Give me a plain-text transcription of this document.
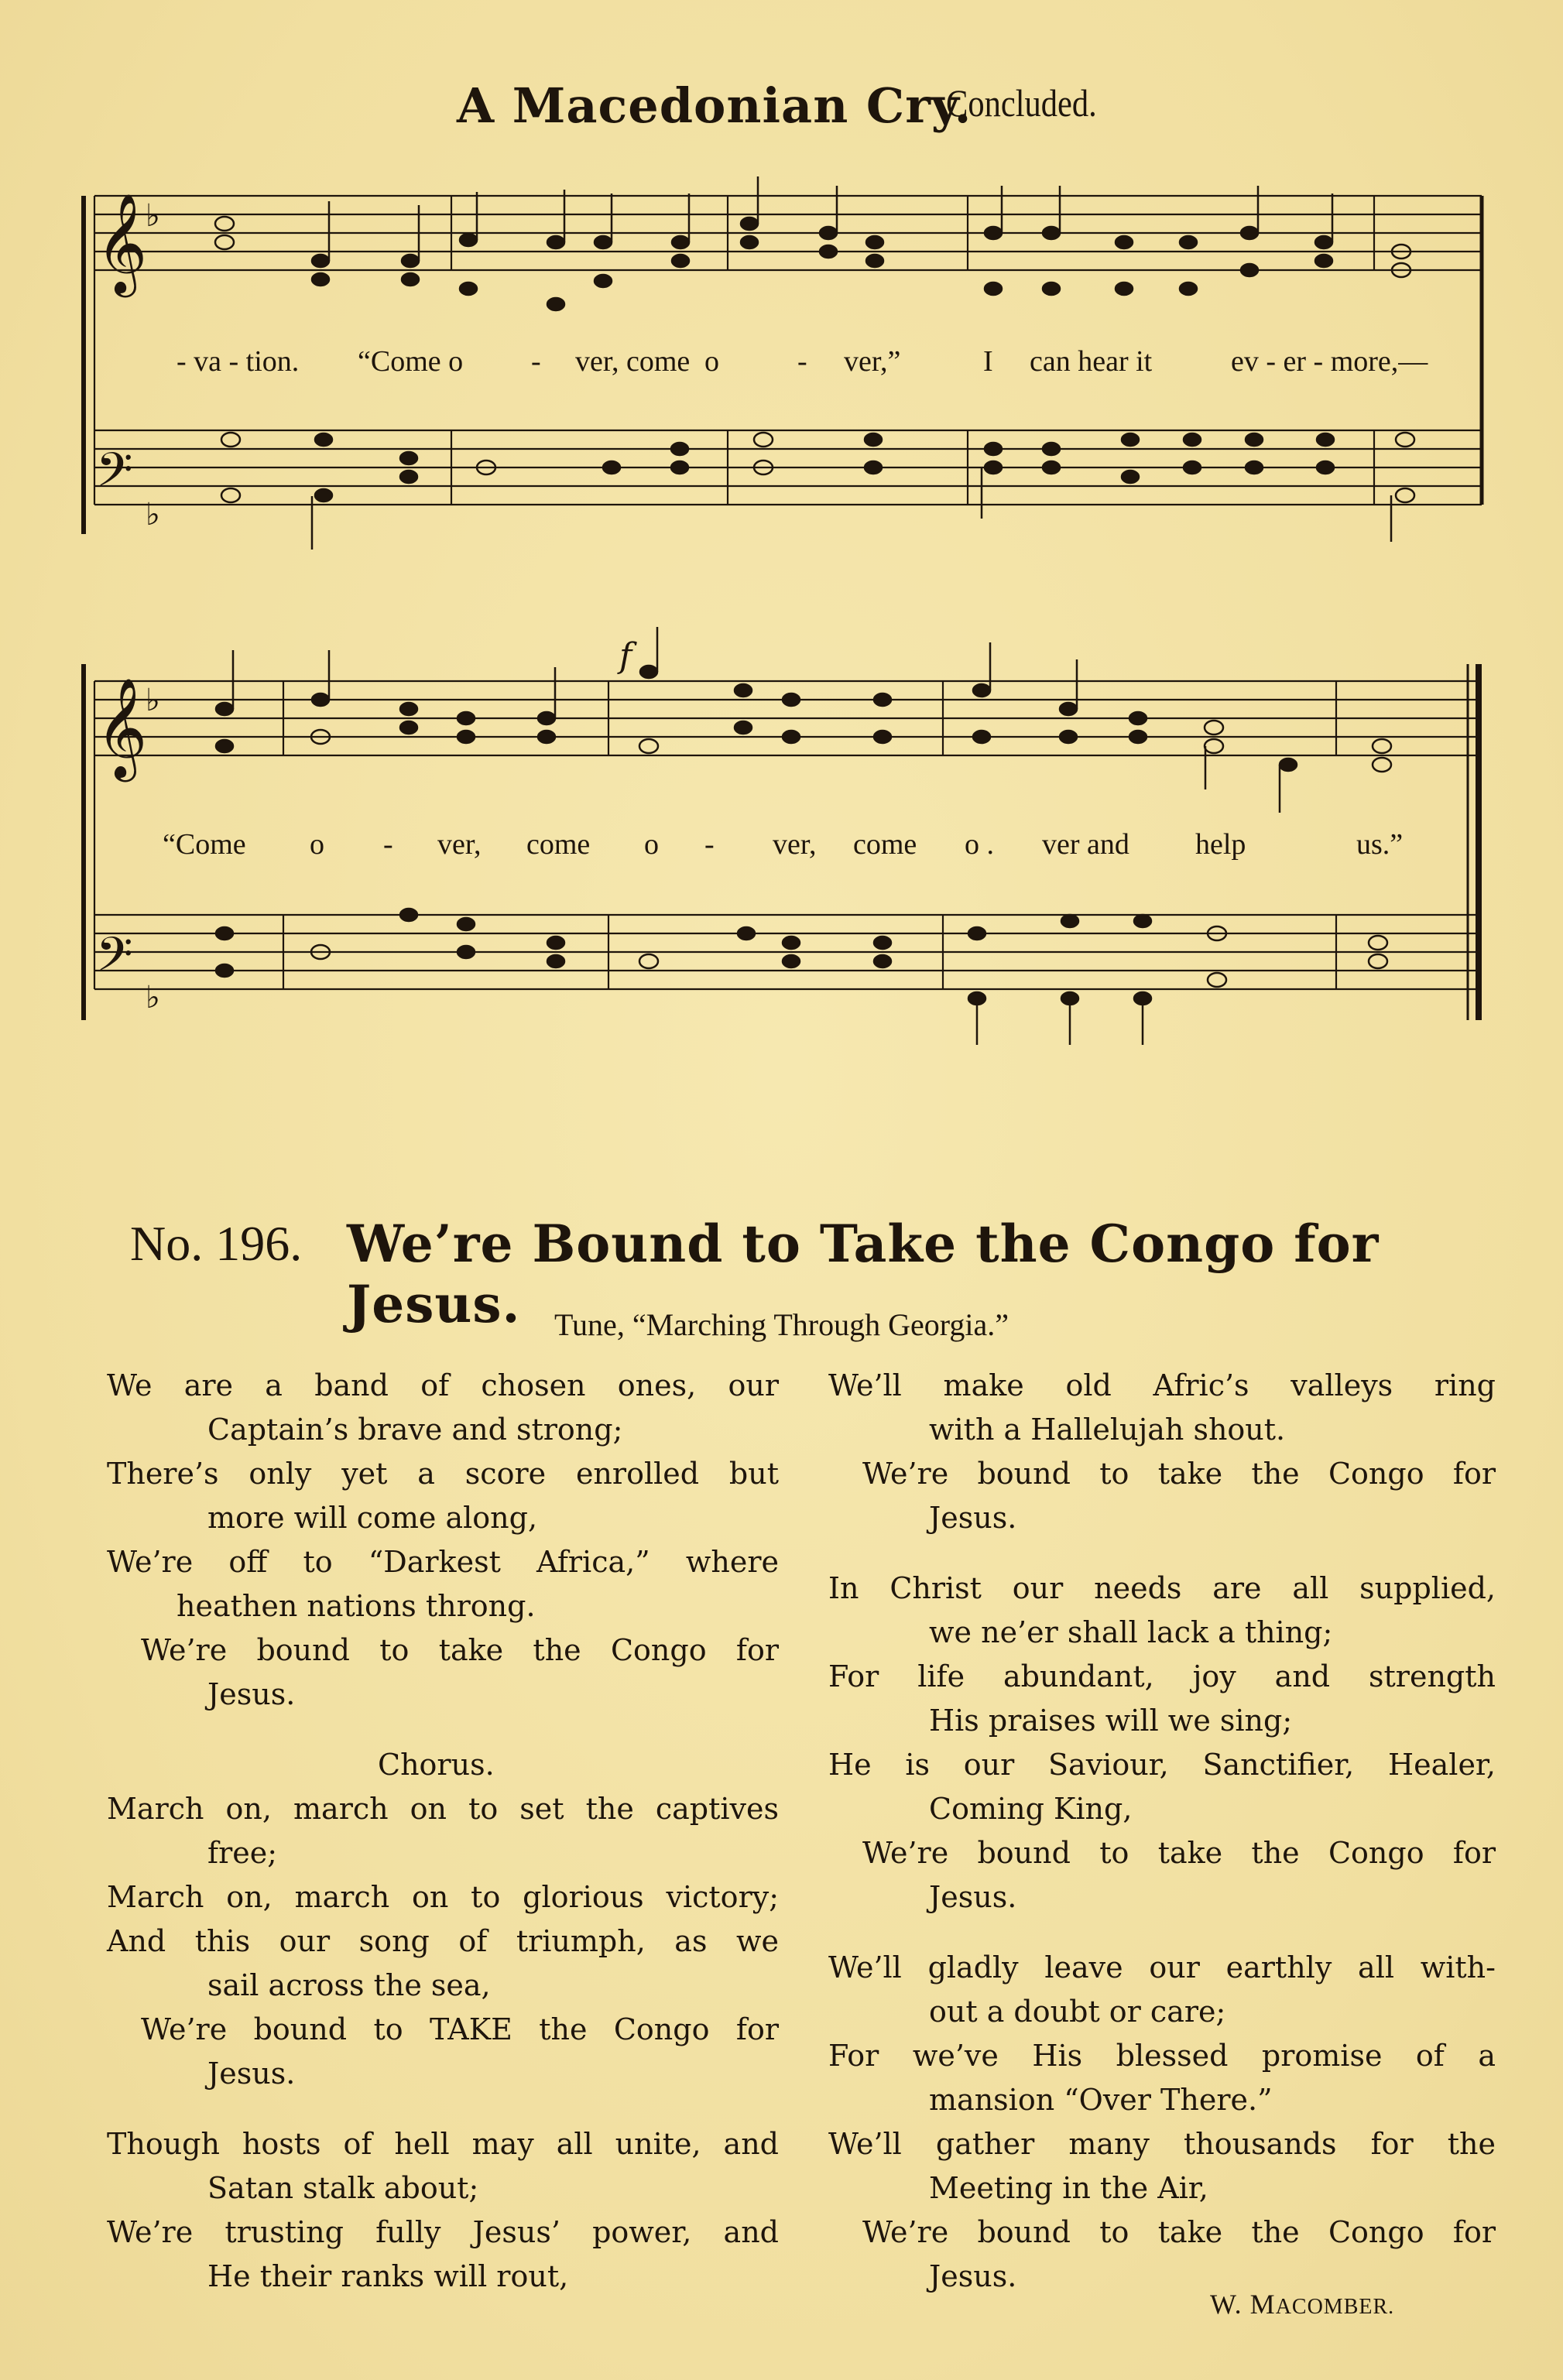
A Macedonian Cry.
Concluded.
𝄞
𝄢
𝄞
𝄢
♭
♭
♭
♭
f
- va - tion. “Come o - ver, come o	- ver,”	I can hear it	ev - er - more,—
“Come o - ver, come o - ver, come o . ver and help	us.”
No. 196. We’re Bound to Take the Congo for Jesus.	Tune, “Marching Through Georgia.”
We are a band of chosen ones, our
Captain’s brave and strong;
There’s only yet a score enrolled but
more will come along,
We’re off to “Darkest Africa,” where
heathen nations throng.
We’re bound to take the Congo for
Jesus.
Chorus.
March on, march on to set the captives
free;
March on, march on to glorious victory;
And this our song of triumph, as we
sail across the sea,
We’re bound to TAKE the Congo for
Jesus.
Though hosts of hell may all unite, and
Satan stalk about;
We’re trusting fully Jesus’ power, and
He their ranks will rout,
We’ll make old Afric’s valleys ring
with a Hallelujah shout.
We’re bound to take the Congo for
Jesus.
In Christ our needs are all supplied,
we ne’er shall lack a thing;
For life abundant, joy and strength
His praises will we sing;
He is our Saviour, Sanctifier, Healer,
Coming King,
We’re bound to take the Congo for
Jesus.
We’ll gladly leave our earthly all with-
out a doubt or care;
For we’ve His blessed promise of a
mansion “Over There.”
We’ll gather many thousands for the
Meeting in the Air,
We’re bound to take the Congo for
Jesus.
W. MACOMBER.
